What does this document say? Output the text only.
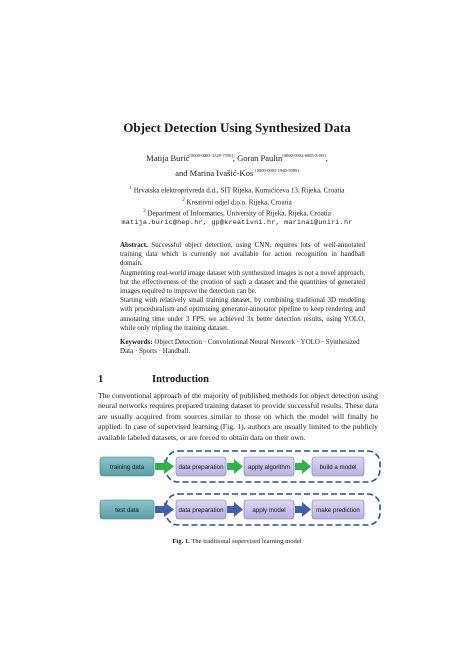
Object Detection Using Synthesized Data
Matija Burić[0000-0003-3528-7550], Goran Paulin[0000-0002-6685-5393],
and Marina Ivašić-Kos [0000-0003-1940-5089]
$^1$ Hrvatska elektroprivreda d.d., SIT Rijeka, Kumičićeva 13, Rijeka, Croatia
$^2$ Kreativni odjel d.o.o. Rijeka, Croatia
$^3$ Department of Informatics, University of Rijeka, Rijeka, Croatia
matija.buric@hep.hr, gp@kreativni.hr, marinai@uniri.hr

Abstract. Successful object detection, using CNN, requires lots of well-annotated training data which is currently not available for action recognition in handball domain.

Augmenting real-world image dataset with synthesized images is not a novel approach, but the effectiveness of the creation of such a dataset and the quantities of generated images required to improve the detection can be.

Starting with relatively small training dataset, by combining traditional 3D modeling with proceduralism and optimizing generator-annotator pipeline to keep rendering and annotating time under 3 FPS, we achieved 3x better detection results, using YOLO, while only tripling the training dataset.

Keywords: Object Detection · Convolutional Neural Network · YOLO · Synthesized Data · Sports · Handball.
1	Introduction
The conventional approach of the majority of published methods for object detection using neural networks requires prepared training dataset to provide successful results. These data are usually acquired from sources similar to those on which the model will finally be applied. In case of supervised learning (Fig. 1), authors are usually limited to the publicly available labeled datasets, or are forced to obtain data on their own.
training data	data preparation	apply algorithm	build a model
test data	data preparation	apply model	make prediction
Fig. 1. The traditional supervised learning model
